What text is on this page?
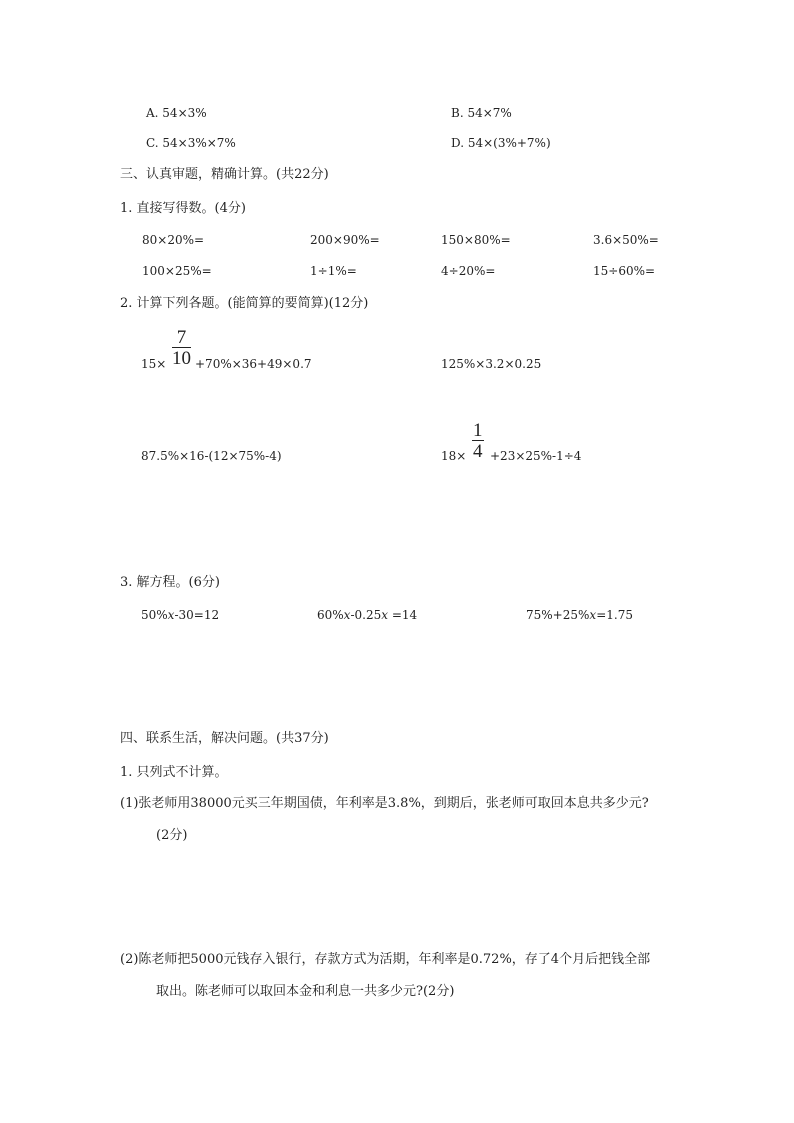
A. 54×3%	B. 54×7%
C. 54×3%×7%	D. 54×(3%+7%)
三、认真审题，精确计算。(共22分)
1. 直接写得数。(4分)
80×20%=	200×90%=	150×80%=	3.6×50%=
100×25%=	1÷1%=	4÷20%=	15÷60%=
2. 计算下列各题。(能简算的要简算)(12分)
$15\times \frac{7}{10} +70\%\times 36+49\times 0.7$	125%×3.2×0.25
87.5%×16-(12×75%-4)	$18\times \frac{1}{4} +23\times 25\%-1\div 4$
3. 解方程。(6分)
50%x-30=12	60%x-0.25x =14	75%+25%x=1.75
四、联系生活，解决问题。(共37分)
1. 只列式不计算。
(1)张老师用38000元买三年期国债，年利率是3.8%，到期后，张老师可取回本息共多少元?
(2分)
(2)陈老师把5000元钱存入银行，存款方式为活期，年利率是0.72%，存了4个月后把钱全部
取出。陈老师可以取回本金和利息一共多少元?(2分)
